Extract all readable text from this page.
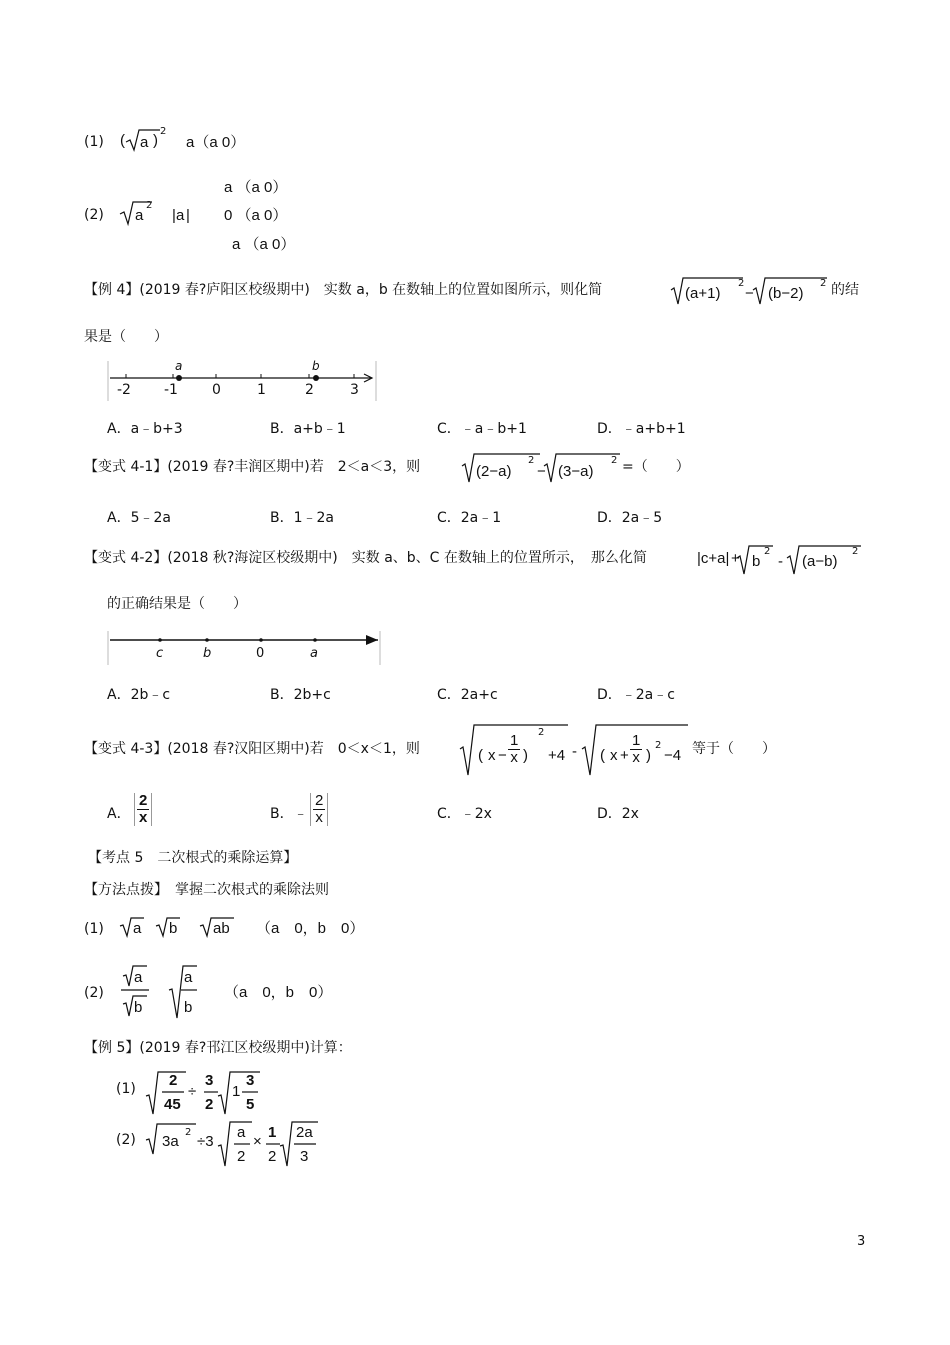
(1) ( a )
2
a（a 0）
(2) a
2
| a |
a （a 0）
0 （a 0）
a （a 0）
【例 4】(2019 春?庐阳区校级期中)　实数 a，b 在数轴上的位置如图所示，则化简	(a+1)
2
− (b−2)
2 的结
果是（　　）
-2 -1 0	1	2	3
a	b
A．a﹣b+3	B．a+b﹣1	C．﹣a﹣b+1	D．﹣a+b+1
【变式 4-1】(2019 春?丰润区期中)若　2＜a＜3，则	(2−a)
2
− (3−a)
2 =（　　）
A．5﹣2a	B．1﹣2a	C．2a﹣1	D．2a﹣5
【变式 4-2】(2018 秋?海淀区校级期中)　实数 a、b、C 在数轴上的位置所示，　那么化简	|c+a| + b
2
- (a−b)
2
的正确结果是（　　）
c	b	0	a
A．2b﹣c	B．2b+c	C．2a+c	D．﹣2a﹣c
【变式 4-3】(2018 春?汉阳区期中)若　0＜x＜1，则	( $x - \frac{1}{x}$ )
2
+4 - ( $x + \frac{1}{x}$ )
2
−4 等于（　　）
A． $\frac{2}{x}$	B．﹣ $\frac{2}{x}$	C．﹣2x	D．2x
【考点 5　二次根式的乘除运算】
【方法点拨】　掌握二次根式的乘除法则
(1) a b ab （a　0，b　0）
(2)
a
b
a
b
（a　0，b　0）
【例 5】(2019 春?邗江区校级期中)计算：
(1) 2
45
÷
3
2
1
3
5
(2) 3a
2
÷3
a
2
×
1
2
2a
3
3
